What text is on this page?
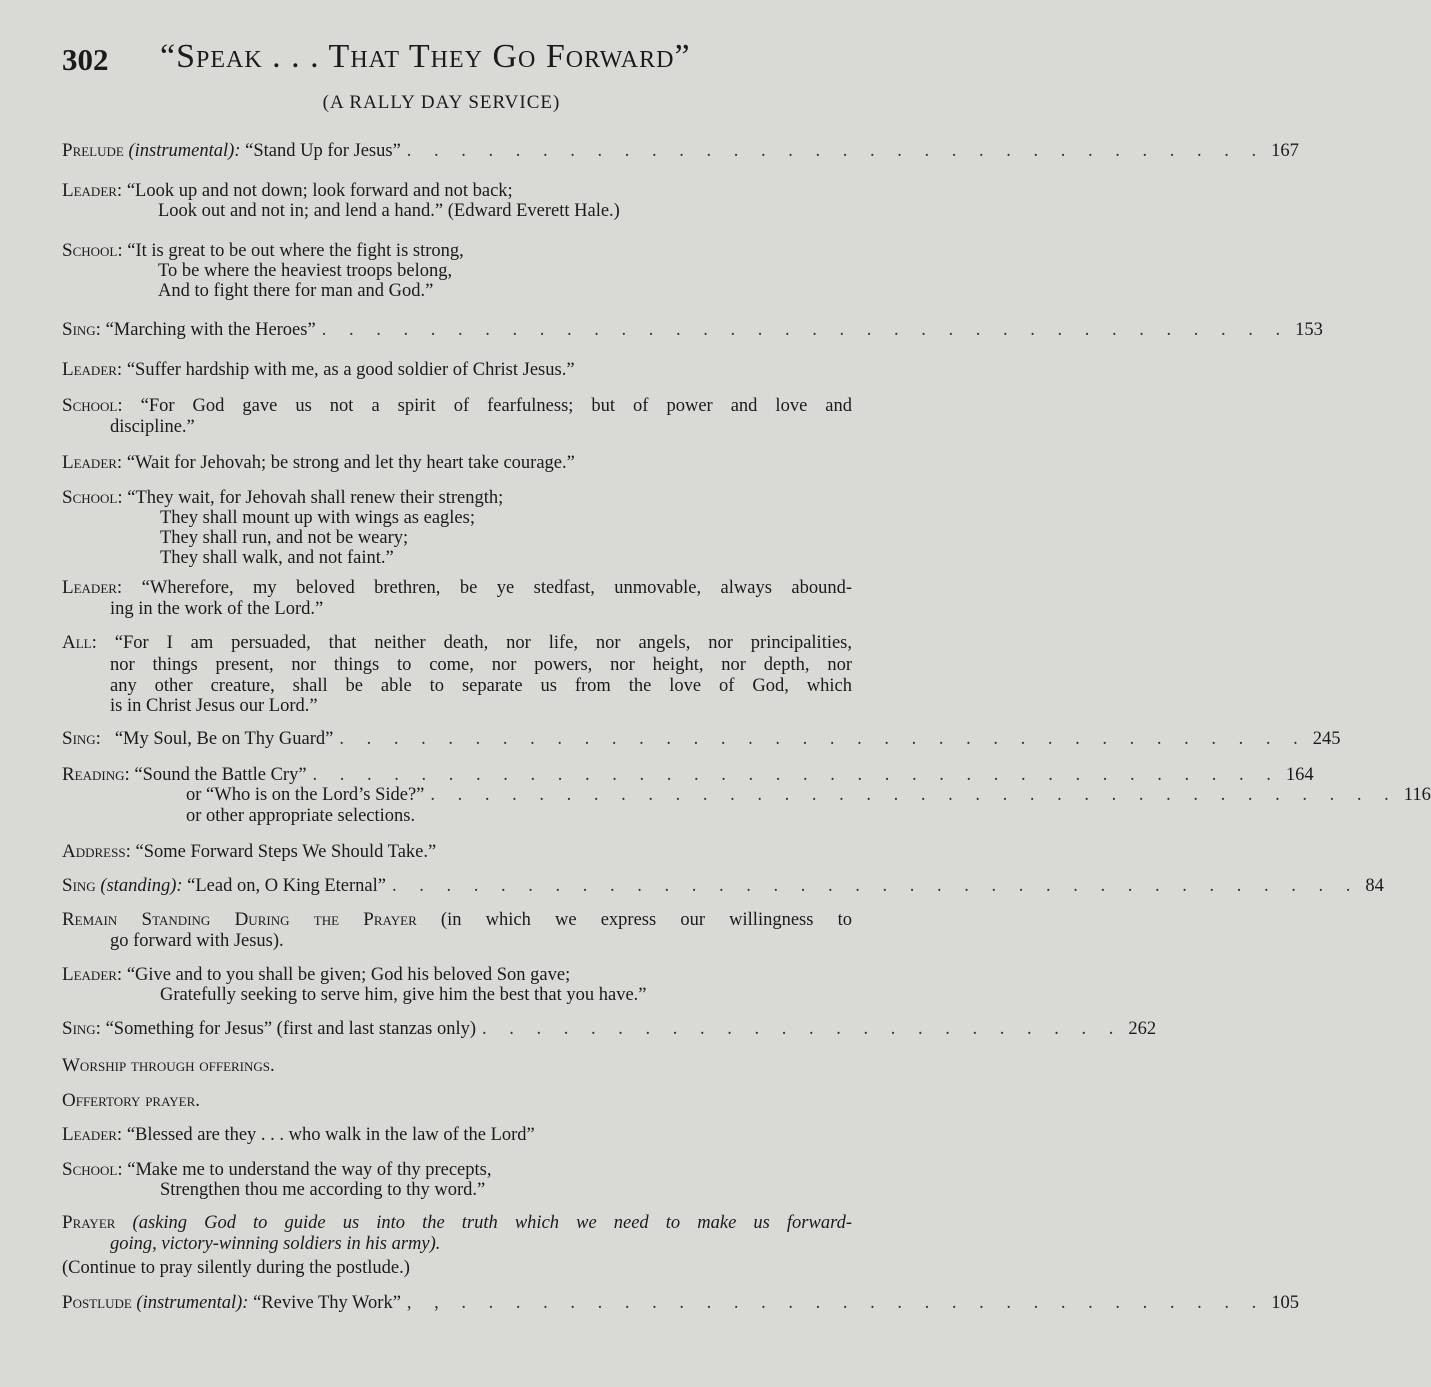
302 “Speak . . . That They Go Forward”
(A RALLY DAY SERVICE)
Prelude (instrumental): “Stand Up for Jesus” . . . . . . . . . . . . . . . . . . . . . . . . . . . . . . . . 167
Leader: “Look up and not down; look forward and not back;
Look out and not in; and lend a hand.” (Edward Everett Hale.)
School: “It is great to be out where the fight is strong,
To be where the heaviest troops belong,
And to fight there for man and God.”
Sing: “Marching with the Heroes” . . . . . . . . . . . . . . . . . . . . . . . . . . . . . . . . . . . . 153
Leader: “Suffer hardship with me, as a good soldier of Christ Jesus.”
School: “For God gave us not a spirit of fearfulness; but of power and love and
discipline.”
Leader: “Wait for Jehovah; be strong and let thy heart take courage.”
School: “They wait, for Jehovah shall renew their strength;
They shall mount up with wings as eagles;
They shall run, and not be weary;
They shall walk, and not faint.”
Leader: “Wherefore, my beloved brethren, be ye stedfast, unmovable, always abound-
ing in the work of the Lord.”
All: “For I am persuaded, that neither death, nor life, nor angels, nor principalities,
nor things present, nor things to come, nor powers, nor height, nor depth, nor
any other creature, shall be able to separate us from the love of God, which
is in Christ Jesus our Lord.”
Sing: “My Soul, Be on Thy Guard” . . . . . . . . . . . . . . . . . . . . . . . . . . . . . . . . . . . . 245
Reading: “Sound the Battle Cry” . . . . . . . . . . . . . . . . . . . . . . . . . . . . . . . . . . . . 164
or “Who is on the Lord’s Side?” . . . . . . . . . . . . . . . . . . . . . . . . . . . . . . . . . . . . 116
or other appropriate selections.
Address: “Some Forward Steps We Should Take.”
Sing (standing): “Lead on, O King Eternal” . . . . . . . . . . . . . . . . . . . . . . . . . . . . . . . . . . . . 84
Remain Standing During the Prayer (in which we express our willingness to
go forward with Jesus).
Leader: “Give and to you shall be given; God his beloved Son gave;
Gratefully seeking to serve him, give him the best that you have.”
Sing: “Something for Jesus” (first and last stanzas only) . . . . . . . . . . . . . . . . . . . . . . . . 262
Worship through offerings.
Offertory prayer.
Leader: “Blessed are they . . . who walk in the law of the Lord”
School: “Make me to understand the way of thy precepts,
Strengthen thou me according to thy word.”
Prayer (asking God to guide us into the truth which we need to make us forward-
going, victory-winning soldiers in his army).
(Continue to pray silently during the postlude.)
Postlude (instrumental): “Revive Thy Work” , , . . . . . . . . . . . . . . . . . . . . . . . . . . . . . . 105
